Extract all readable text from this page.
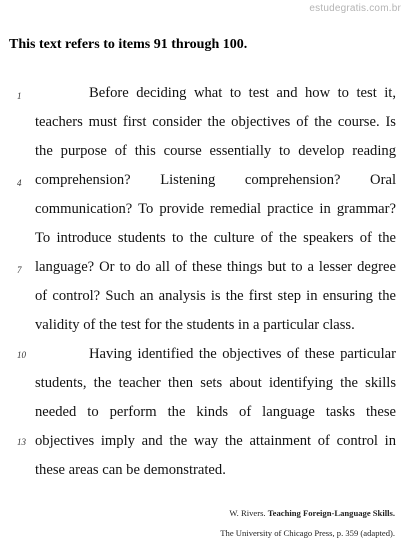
estudegratis.com.br
This text refers to items 91 through 100.
1
4
7
10
13
Before deciding what to test and how to test it,
teachers must first consider the objectives of the course. Is
the purpose of this course essentially to develop reading
comprehension? Listening comprehension? Oral
communication? To provide remedial practice in grammar?
To introduce students to the culture of the speakers of the
language? Or to do all of these things but to a lesser degree
of control? Such an analysis is the first step in ensuring the
validity of the test for the students in a particular class.
Having identified the objectives of these particular
students, the teacher then sets about identifying the skills
needed to perform the kinds of language tasks these
objectives imply and the way the attainment of control in
these areas can be demonstrated.
W. Rivers. Teaching Foreign-Language Skills.
The University of Chicago Press, p. 359 (adapted).
